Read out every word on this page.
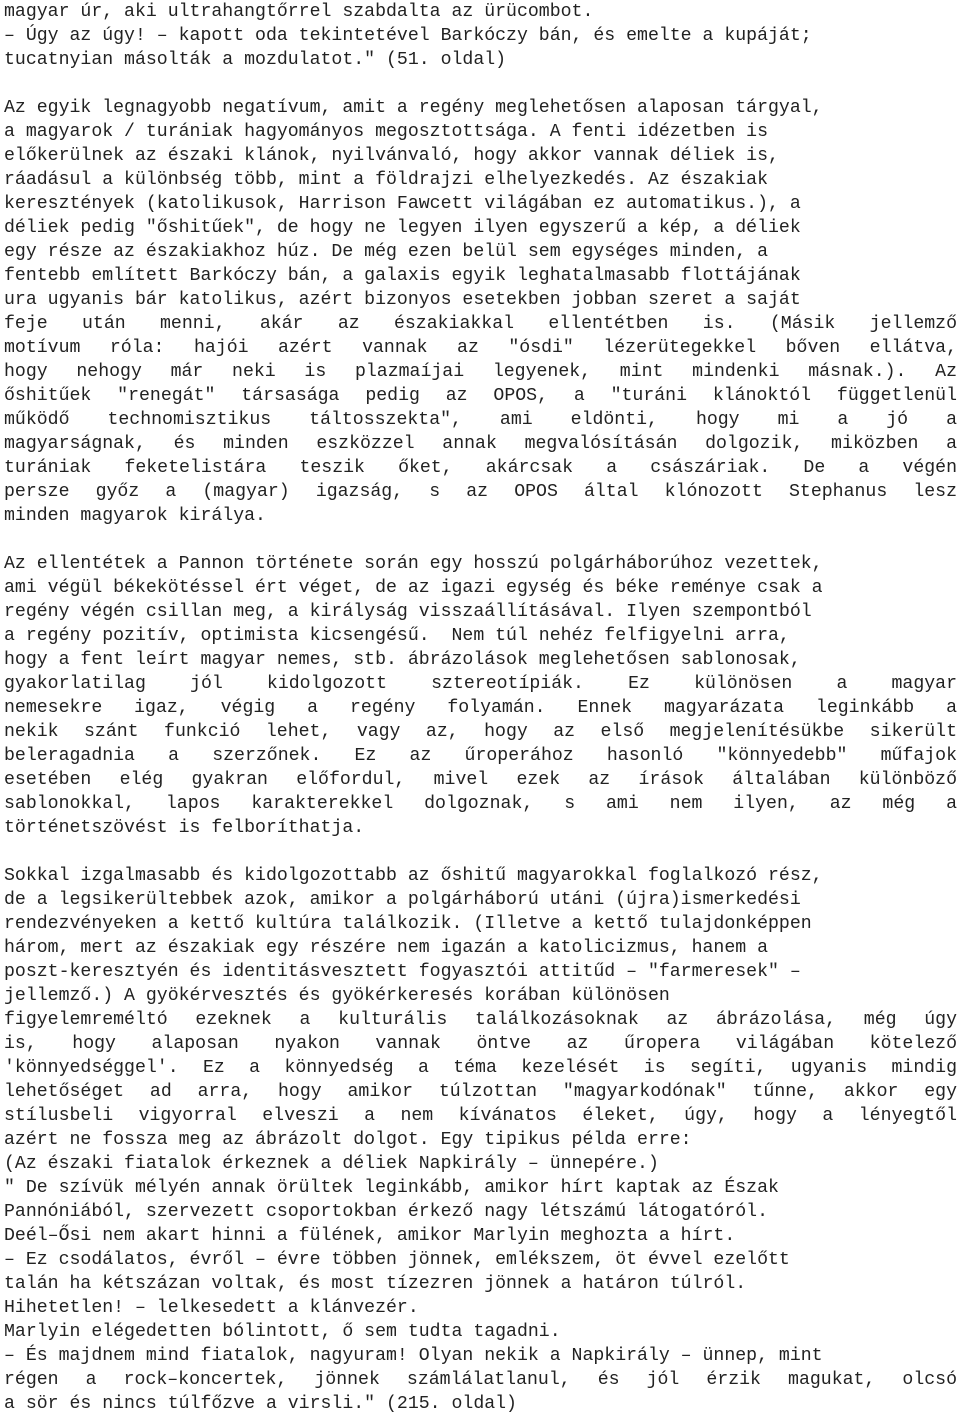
magyar úr, aki ultrahangtőrrel szabdalta az ürücombot.
– Úgy az úgy! – kapott oda tekintetével Barkóczy bán, és emelte a kupáját;
tucatnyian másolták a mozdulatot." (51. oldal)
Az egyik legnagyobb negatívum, amit a regény meglehetősen alaposan tárgyal,
a magyarok / turániak hagyományos megosztottsága. A fenti idézetben is
előkerülnek az északi klánok, nyilvánvaló, hogy akkor vannak déliek is,
ráadásul a különbség több, mint a földrajzi elhelyezkedés. Az északiak
keresztények (katolikusok, Harrison Fawcett világában ez automatikus.), a
déliek pedig "őshitűek", de hogy ne legyen ilyen egyszerű a kép, a déliek
egy része az északiakhoz húz. De még ezen belül sem egységes minden, a
fentebb említett Barkóczy bán, a galaxis egyik leghatalmasabb flottájának
ura ugyanis bár katolikus, azért bizonyos esetekben jobban szeret a saját
feje után menni, akár az északiakkal ellentétben is. (Másik jellemző
motívum róla: hajói azért vannak az "ósdi" lézerütegekkel bőven ellátva,
hogy nehogy már neki is plazmaíjai legyenek, mint mindenki másnak.). Az
őshitűek "renegát" társasága pedig az OPOS, a "turáni klánoktól függetlenül
működő technomisztikus táltosszekta", ami eldönti, hogy mi a jó a
magyarságnak, és minden eszközzel annak megvalósításán dolgozik, miközben a
turániak feketelistára teszik őket, akárcsak a császáriak. De a végén
persze győz a (magyar) igazság, s az OPOS által klónozott Stephanus lesz
minden magyarok királya.
Az ellentétek a Pannon története során egy hosszú polgárháborúhoz vezettek,
ami végül békekötéssel ért véget, de az igazi egység és béke reménye csak a
regény végén csillan meg, a királyság visszaállításával. Ilyen szempontból
a regény pozitív, optimista kicsengésű.  Nem túl nehéz felfigyelni arra,
hogy a fent leírt magyar nemes, stb. ábrázolások meglehetősen sablonosak,
gyakorlatilag jól kidolgozott sztereotípiák. Ez különösen a magyar
nemesekre igaz, végig a regény folyamán. Ennek magyarázata leginkább a
nekik szánt funkció lehet, vagy az, hogy az első megjelenítésükbe sikerült
beleragadnia a szerzőnek. Ez az űroperához hasonló "könnyedebb" műfajok
esetében elég gyakran előfordul, mivel ezek az írások általában különböző
sablonokkal, lapos karakterekkel dolgoznak, s ami nem ilyen, az még a
történetszövést is felboríthatja.
Sokkal izgalmasabb és kidolgozottabb az őshitű magyarokkal foglalkozó rész,
de a legsikerültebbek azok, amikor a polgárháború utáni (újra)ismerkedési
rendezvényeken a kettő kultúra találkozik. (Illetve a kettő tulajdonképpen
három, mert az északiak egy részére nem igazán a katolicizmus, hanem a
poszt-keresztyén és identitásvesztett fogyasztói attitűd – "farmeresek" –
jellemző.) A gyökérvesztés és gyökérkeresés korában különösen
figyelemreméltó ezeknek a kulturális találkozásoknak az ábrázolása, még úgy
is, hogy alaposan nyakon vannak öntve az űropera világában kötelező
'könnyedséggel'. Ez a könnyedség a téma kezelését is segíti, ugyanis mindig
lehetőséget ad arra, hogy amikor túlzottan "magyarkodónak" tűnne, akkor egy
stílusbeli vigyorral elveszi a nem kívánatos éleket, úgy, hogy a lényegtől
azért ne fossza meg az ábrázolt dolgot. Egy tipikus példa erre:
(Az északi fiatalok érkeznek a déliek Napkirály – ünnepére.)
" De szívük mélyén annak örültek leginkább, amikor hírt kaptak az Észak
Pannóniából, szervezett csoportokban érkező nagy létszámú látogatóról.
Deél–Ősi nem akart hinni a fülének, amikor Marlyin meghozta a hírt.
– Ez csodálatos, évről – évre többen jönnek, emlékszem, öt évvel ezelőtt
talán ha kétszázan voltak, és most tízezren jönnek a határon túlról.
Hihetetlen! – lelkesedett a klánvezér.
Marlyin elégedetten bólintott, ő sem tudta tagadni.
– És majdnem mind fiatalok, nagyuram! Olyan nekik a Napkirály – ünnep, mint
régen a rock–koncertek, jönnek számlálatlanul, és jól érzik magukat, olcsó
a sör és nincs túlfőzve a virsli." (215. oldal)
